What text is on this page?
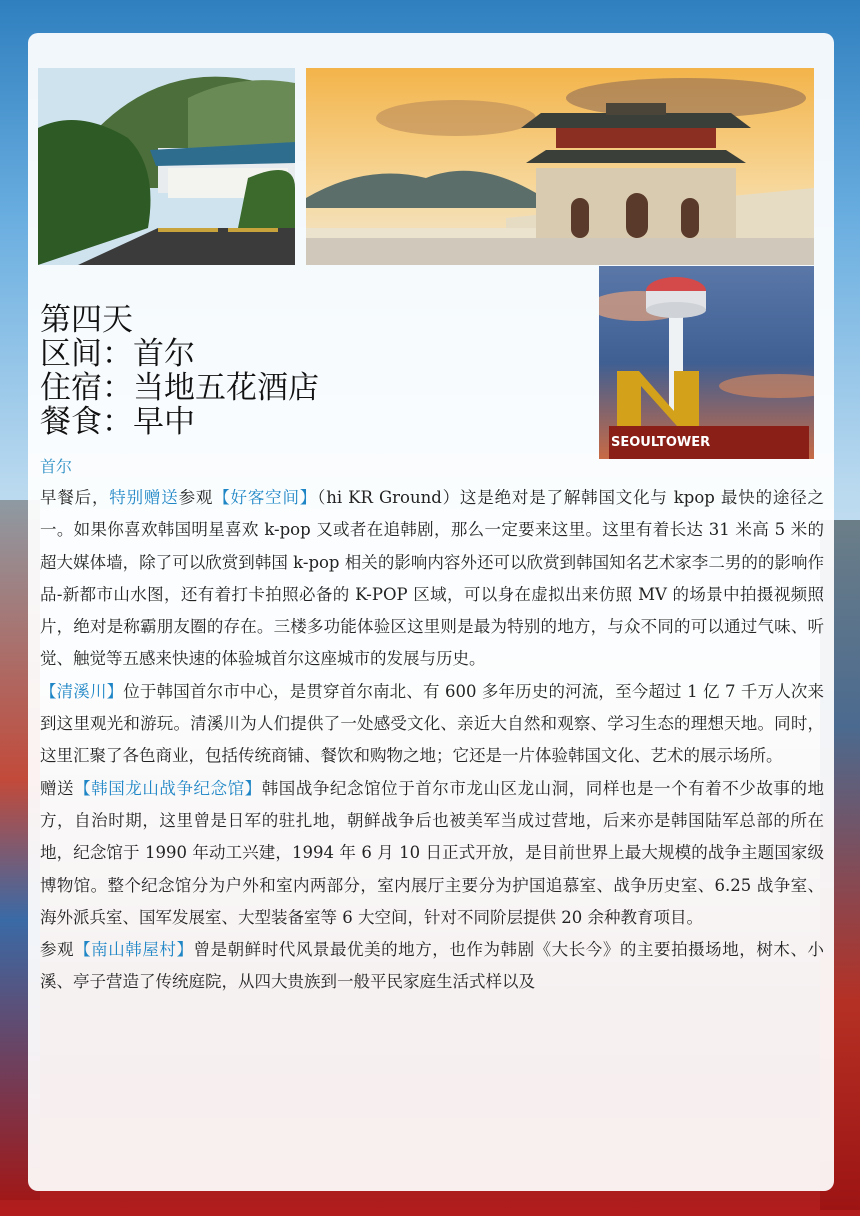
SEOULTOWER
第四天
区间：首尔
住宿：当地五花酒店
餐食：早中
首尔

早餐后，特别赠送参观【好客空间】（hi KR Ground）这是绝对是了解韩国文化与 kpop 最快的途径之一。如果你喜欢韩国明星喜欢 k-pop 又或者在追韩剧，那么一定要来这里。这里有着长达 31 米高 5 米的超大媒体墙，除了可以欣赏到韩国 k-pop 相关的影响内容外还可以欣赏到韩国知名艺术家李二男的的影响作品-新都市山水图，还有着打卡拍照必备的 K-POP 区域，可以身在虚拟出来仿照 MV 的场景中拍摄视频照片，绝对是称霸朋友圈的存在。三楼多功能体验区这里则是最为特别的地方，与众不同的可以通过气味、听觉、触觉等五感来快速的体验城首尔这座城市的发展与历史。

【清溪川】位于韩国首尔市中心，是贯穿首尔南北、有 600 多年历史的河流，至今超过 1 亿 7 千万人次来到这里观光和游玩。清溪川为人们提供了一处感受文化、亲近大自然和观察、学习生态的理想天地。同时，这里汇聚了各色商业，包括传统商铺、餐饮和购物之地；它还是一片体验韩国文化、艺术的展示场所。

赠送【韩国龙山战争纪念馆】韩国战争纪念馆位于首尔市龙山区龙山洞，同样也是一个有着不少故事的地方，自治时期，这里曾是日军的驻扎地，朝鲜战争后也被美军当成过营地，后来亦是韩国陆军总部的所在地，纪念馆于 1990 年动工兴建，1994 年 6 月 10 日正式开放，是目前世界上最大规模的战争主题国家级博物馆。整个纪念馆分为户外和室内两部分，室内展厅主要分为护国追慕室、战争历史室、6.25 战争室、海外派兵室、国军发展室、大型装备室等 6 大空间，针对不同阶层提供 20 余种教育项目。

参观【南山韩屋村】曾是朝鲜时代风景最优美的地方，也作为韩剧《大长今》的主要拍摄场地，树木、小溪、亭子营造了传统庭院，从四大贵族到一般平民家庭生活式样以及
